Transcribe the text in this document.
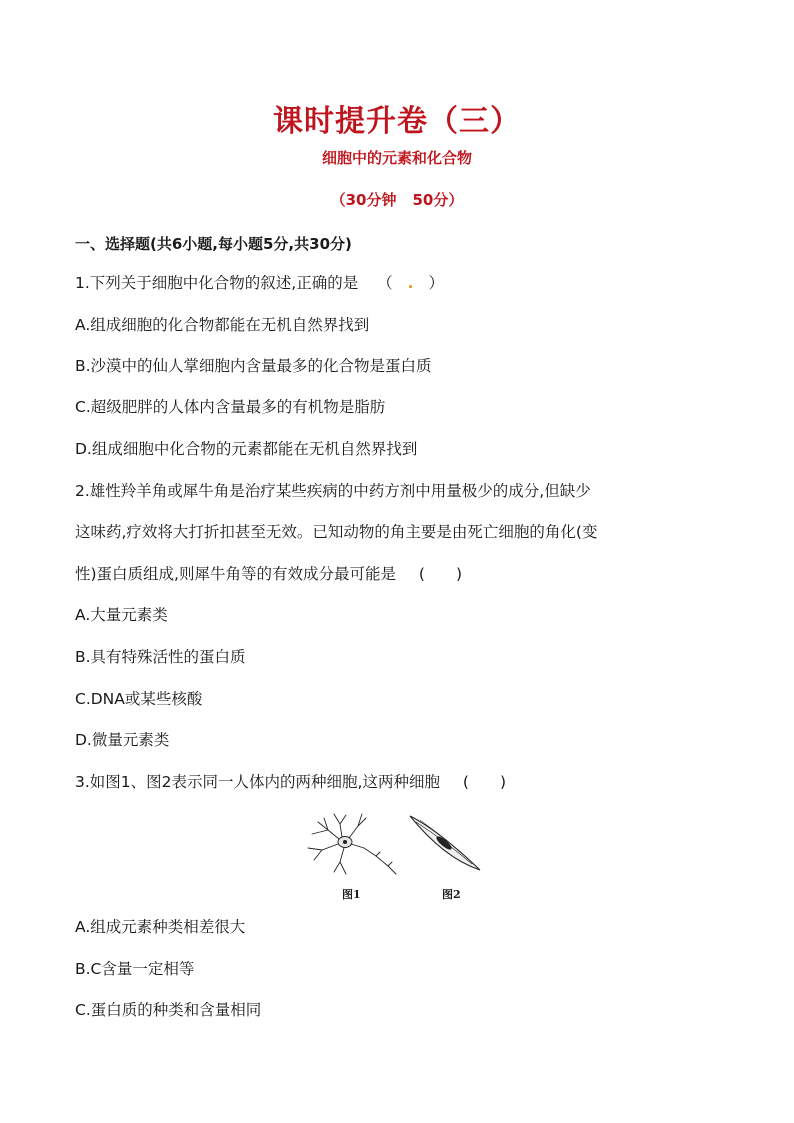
课时提升卷（三）
细胞中的元素和化合物
（30分钟 50分）
一、选择题(共6小题,每小题5分,共30分)
1.下列关于细胞中化合物的叙述,正确的是 （ . ）
A.组成细胞的化合物都能在无机自然界找到
B.沙漠中的仙人掌细胞内含量最多的化合物是蛋白质
C.超级肥胖的人体内含量最多的有机物是脂肪
D.组成细胞中化合物的元素都能在无机自然界找到
2.雄性羚羊角或犀牛角是治疗某些疾病的中药方剂中用量极少的成分,但缺少
这味药,疗效将大打折扣甚至无效。已知动物的角主要是由死亡细胞的角化(变
性)蛋白质组成,则犀牛角等的有效成分最可能是 (　　)
A.大量元素类
B.具有特殊活性的蛋白质
C.DNA或某些核酸
D.微量元素类
3.如图1、图2表示同一人体内的两种细胞,这两种细胞 (　　)
图1	图2
A.组成元素种类相差很大
B.C含量一定相等
C.蛋白质的种类和含量相同
